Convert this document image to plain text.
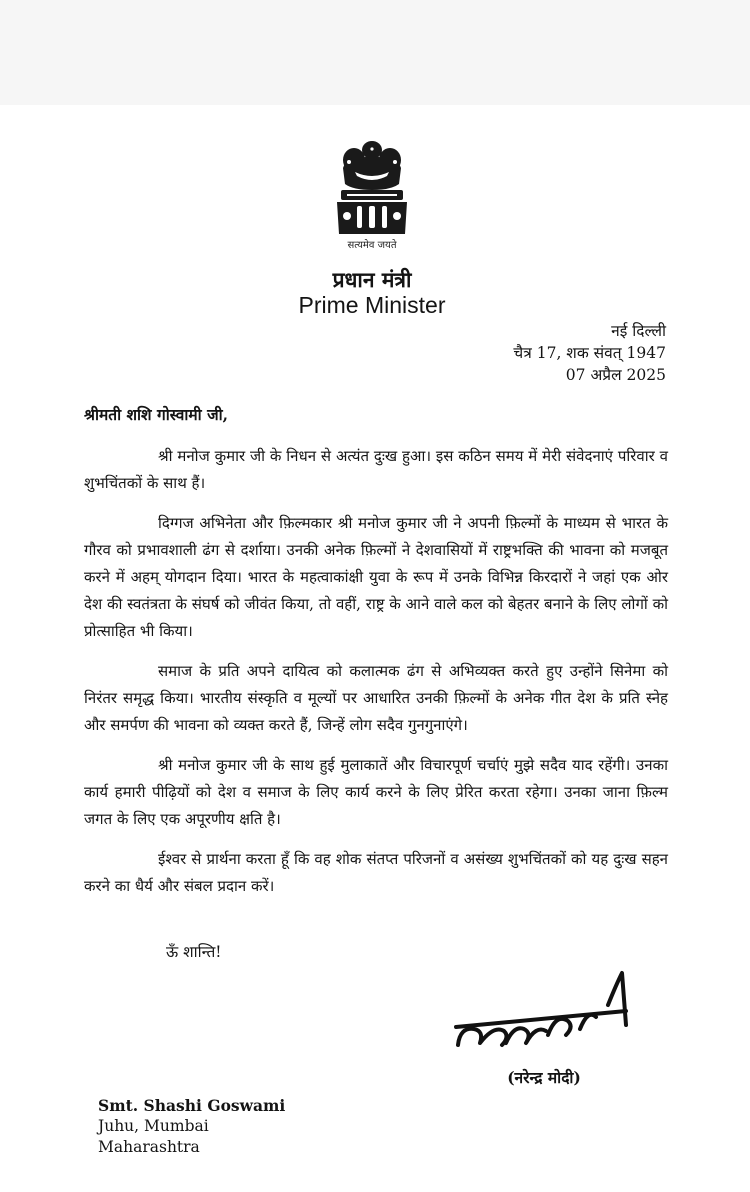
सत्यमेव जयते
प्रधान मंत्री
Prime Minister
नई दिल्ली
चैत्र 17, शक संवत् 1947
07 अप्रैल 2025
श्रीमती शशि गोस्वामी जी,

श्री मनोज कुमार जी के निधन से अत्यंत दुःख हुआ। इस कठिन समय में मेरी संवेदनाएं परिवार व शुभचिंतकों के साथ हैं।

दिग्गज अभिनेता और फ़िल्मकार श्री मनोज कुमार जी ने अपनी फ़िल्मों के माध्यम से भारत के गौरव को प्रभावशाली ढंग से दर्शाया। उनकी अनेक फ़िल्मों ने देशवासियों में राष्ट्रभक्ति की भावना को मजबूत करने में अहम् योगदान दिया। भारत के महत्वाकांक्षी युवा के रूप में उनके विभिन्न किरदारों ने जहां एक ओर देश की स्वतंत्रता के संघर्ष को जीवंत किया, तो वहीं, राष्ट्र के आने वाले कल को बेहतर बनाने के लिए लोगों को प्रोत्साहित भी किया।

समाज के प्रति अपने दायित्व को कलात्मक ढंग से अभिव्यक्त करते हुए उन्होंने सिनेमा को निरंतर समृद्ध किया। भारतीय संस्कृति व मूल्यों पर आधारित उनकी फ़िल्मों के अनेक गीत देश के प्रति स्नेह और समर्पण की भावना को व्यक्त करते हैं, जिन्हें लोग सदैव गुनगुनाएंगे।

श्री मनोज कुमार जी के साथ हुई मुलाकातें और विचारपूर्ण चर्चाएं मुझे सदैव याद रहेंगी। उनका कार्य हमारी पीढ़ियों को देश व समाज के लिए कार्य करने के लिए प्रेरित करता रहेगा। उनका जाना फ़िल्म जगत के लिए एक अपूरणीय क्षति है।

ईश्वर से प्रार्थना करता हूँ कि वह शोक संतप्त परिजनों व असंख्य शुभचिंतकों को यह दुःख सहन करने का धैर्य और संबल प्रदान करें।

ऊँ शान्ति!
(नरेन्द्र मोदी)
Smt. Shashi Goswami
Juhu, Mumbai
Maharashtra
